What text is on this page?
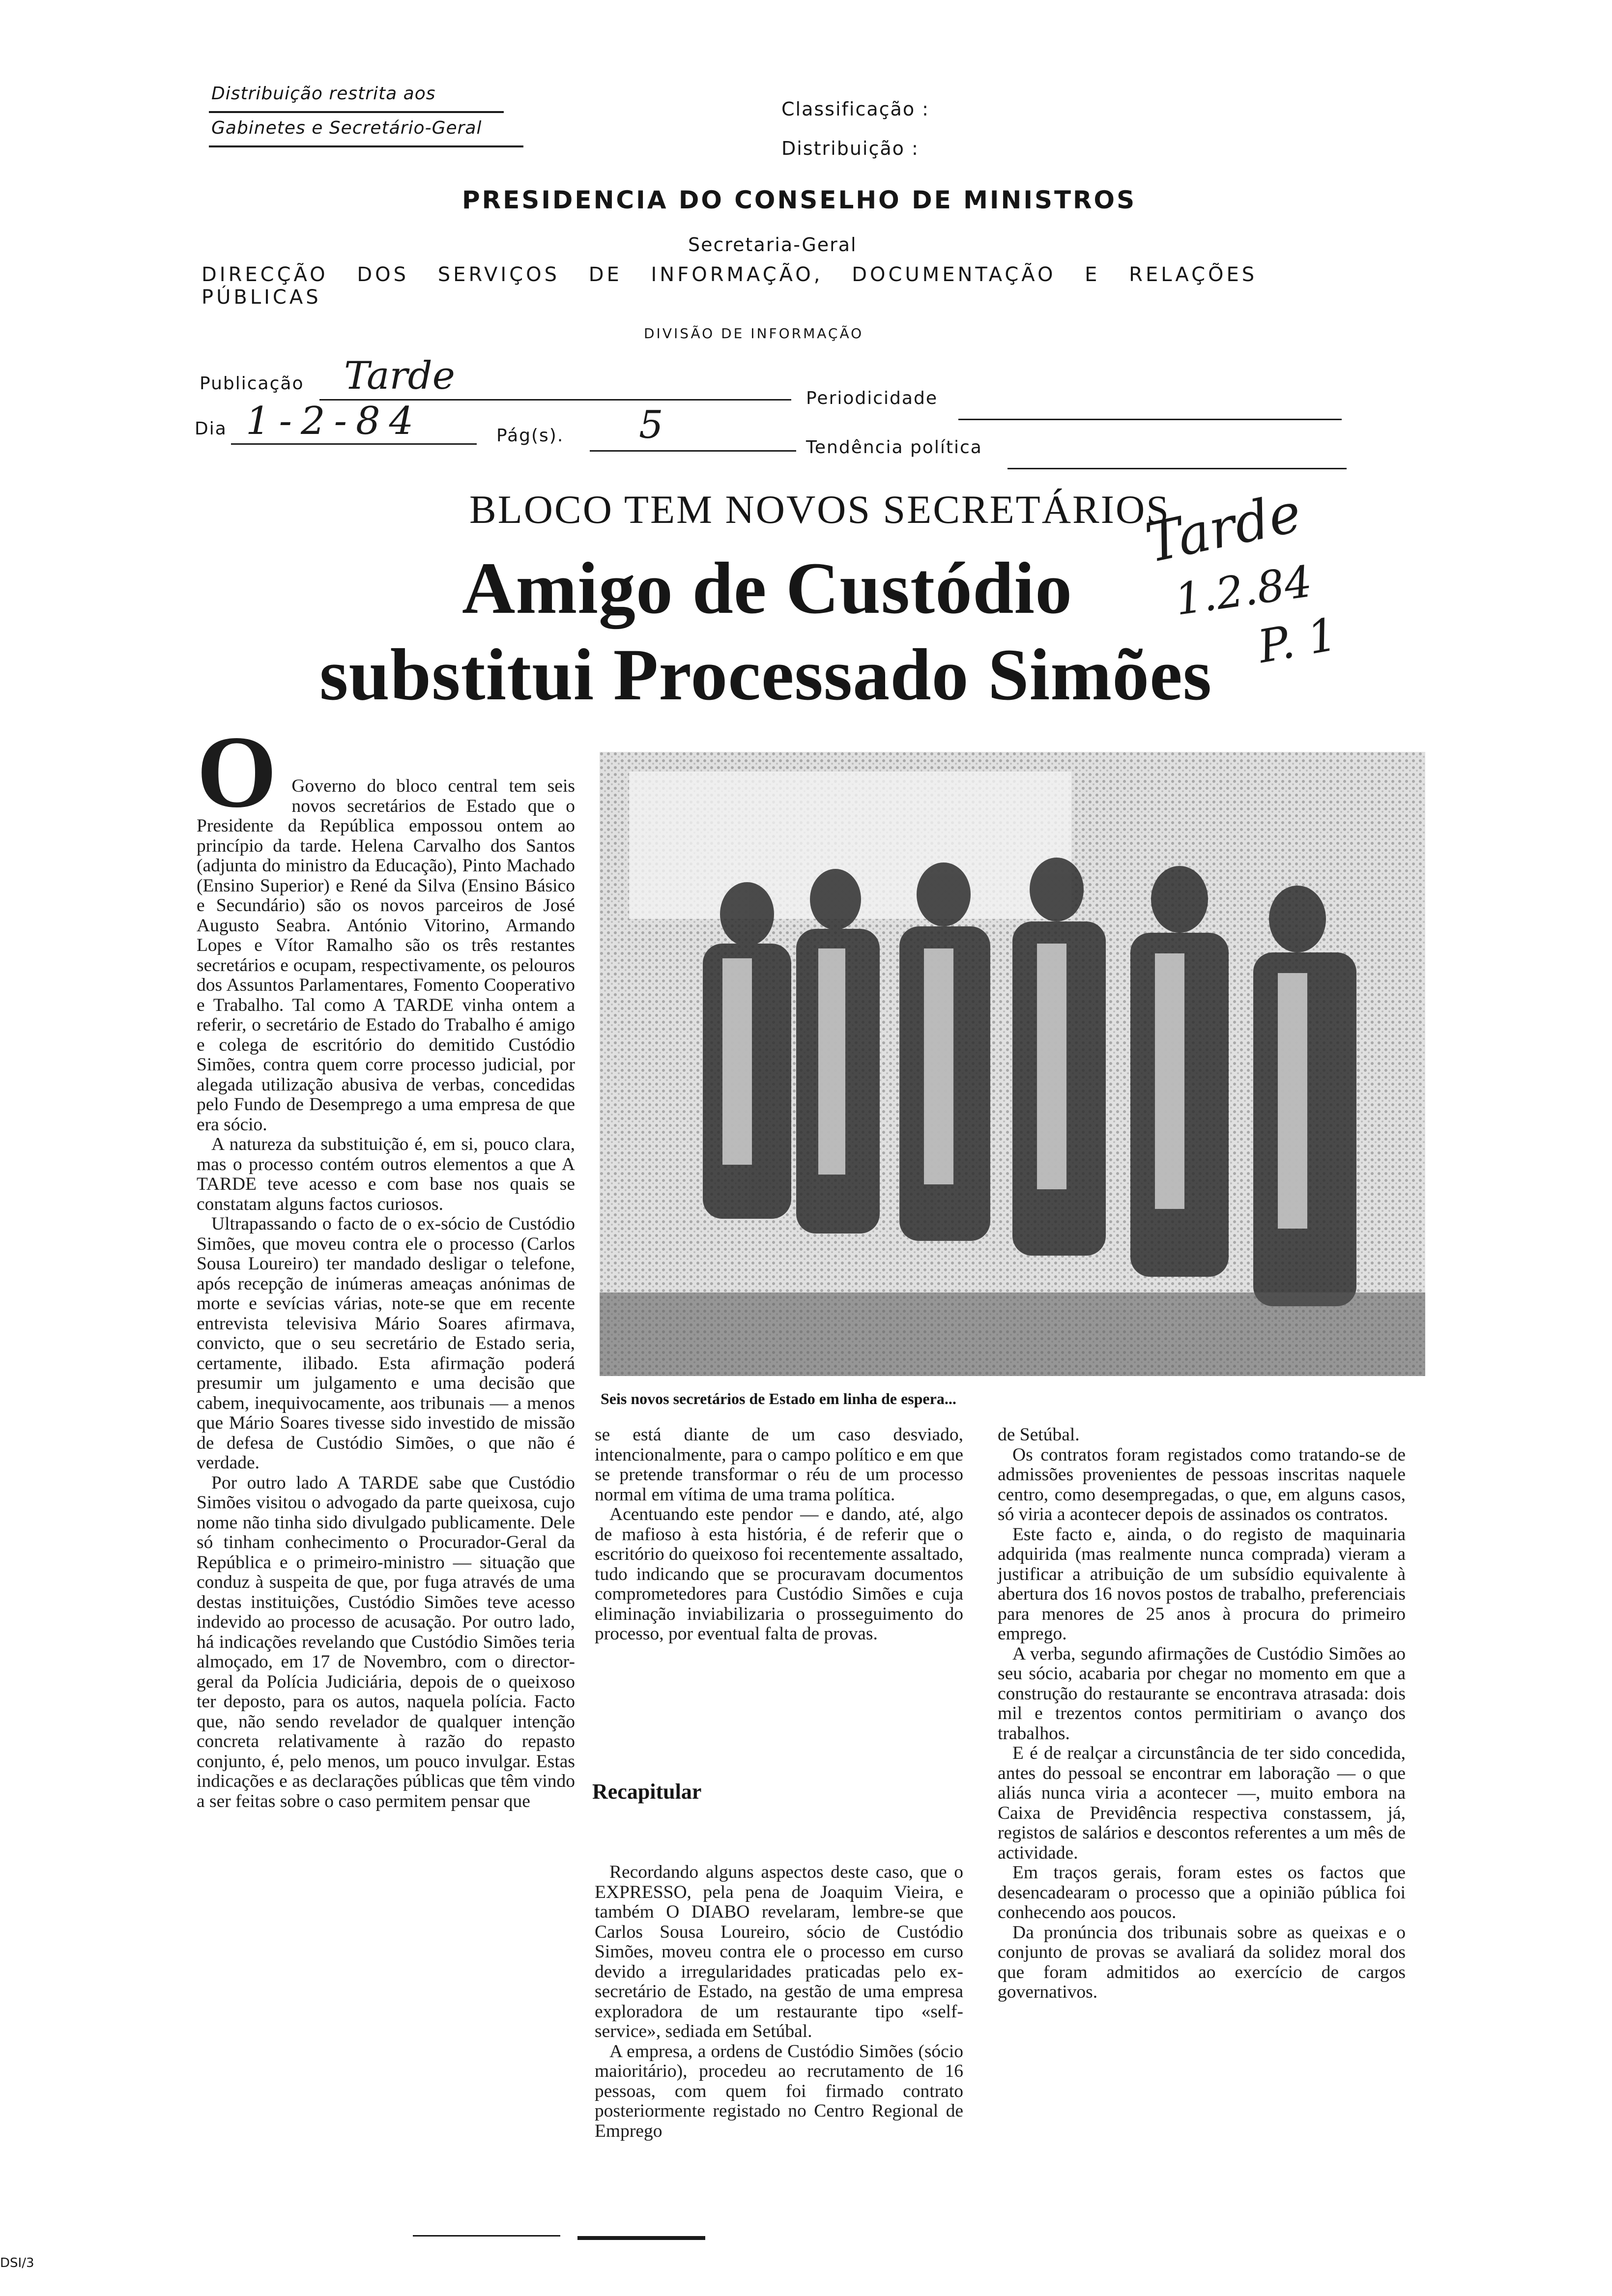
Distribuição restrita aos
Gabinetes e Secretário-Geral
Classificação :
Distribuição :
PRESIDENCIA DO CONSELHO DE MINISTROS
Secretaria-Geral
DIRECÇÃO DOS SERVIÇOS DE INFORMAÇÃO, DOCUMENTAÇÃO E RELAÇÕES PÚBLICAS
DIVISÃO DE INFORMAÇÃO
Publicação Tarde
Periodicidade
Dia 1-2-84	Pág(s). 5
Tendência política
Tarde
1.2.84
P. 1
BLOCO TEM NOVOS SECRETÁRIOS
Amigo de Custódio
substitui Processado Simões
Seis novos secretários de Estado em linha de espera...
O Governo do bloco central tem seis novos secretários de Estado que o Presidente da República empossou ontem ao princípio da tarde. Helena Carvalho dos Santos (adjunta do ministro da Educação), Pinto Machado (Ensino Superior) e René da Silva (Ensino Básico e Secundário) são os novos parceiros de José Augusto Seabra. António Vitorino, Armando Lopes e Vítor Ramalho são os três restantes secretários e ocupam, respectivamente, os pelouros dos Assuntos Parlamentares, Fomento Cooperativo e Trabalho. Tal como A TARDE vinha ontem a referir, o secretário de Estado do Trabalho é amigo e colega de escritório do demitido Custódio Simões, contra quem corre processo judicial, por alegada utilização abusiva de verbas, concedidas pelo Fundo de Desemprego a uma empresa de que era sócio.

A natureza da substituição é, em si, pouco clara, mas o processo contém outros elementos a que A TARDE teve acesso e com base nos quais se constatam alguns factos curiosos.

Ultrapassando o facto de o ex-sócio de Custódio Simões, que moveu contra ele o processo (Carlos Sousa Loureiro) ter mandado desligar o telefone, após recepção de inúmeras ameaças anónimas de morte e sevícias várias, note-se que em recente entrevista televisiva Mário Soares afirmava, convicto, que o seu secretário de Estado seria, certamente, ilibado. Esta afirmação poderá presumir um julgamento e uma decisão que cabem, inequivocamente, aos tribunais — a menos que Mário Soares tivesse sido investido de missão de defesa de Custódio Simões, o que não é verdade.

Por outro lado A TARDE sabe que Custódio Simões visitou o advogado da parte queixosa, cujo nome não tinha sido divulgado publicamente. Dele só tinham conhecimento o Procurador-Geral da República e o primeiro-ministro — situação que conduz à suspeita de que, por fuga através de uma destas instituições, Custódio Simões teve acesso indevido ao processo de acusação. Por outro lado, há indicações revelando que Custódio Simões teria almoçado, em 17 de Novembro, com o director-geral da Polícia Judiciária, depois de o queixoso ter deposto, para os autos, naquela polícia. Facto que, não sendo revelador de qualquer intenção concreta relativamente à razão do repasto conjunto, é, pelo menos, um pouco invulgar. Estas indicações e as declarações públicas que têm vindo a ser feitas sobre o caso permitem pensar que

se está diante de um caso desviado, intencionalmente, para o campo político e em que se pretende transformar o réu de um processo normal em vítima de uma trama política.

Acentuando este pendor — e dando, até, algo de mafioso à esta história, é de referir que o escritório do queixoso foi recentemente assaltado, tudo indicando que se procuravam documentos comprometedores para Custódio Simões e cuja eliminação inviabilizaria o prosseguimento do processo, por eventual falta de provas.

Recapitular

Recordando alguns aspectos deste caso, que o EXPRESSO, pela pena de Joaquim Vieira, e também O DIABO revelaram, lembre-se que Carlos Sousa Loureiro, sócio de Custódio Simões, moveu contra ele o processo em curso devido a irregularidades praticadas pelo ex-secretário de Estado, na gestão de uma empresa exploradora de um restaurante tipo «self-service», sediada em Setúbal.

A empresa, a ordens de Custódio Simões (sócio maioritário), procedeu ao recrutamento de 16 pessoas, com quem foi firmado contrato posteriormente registado no Centro Regional de Emprego

de Setúbal.

Os contratos foram registados como tratando-se de admissões provenientes de pessoas inscritas naquele centro, como desempregadas, o que, em alguns casos, só viria a acontecer depois de assinados os contratos.

Este facto e, ainda, o do registo de maquinaria adquirida (mas realmente nunca comprada) vieram a justificar a atribuição de um subsídio equivalente à abertura dos 16 novos postos de trabalho, preferenciais para menores de 25 anos à procura do primeiro emprego.

A verba, segundo afirmações de Custódio Simões ao seu sócio, acabaria por chegar no momento em que a construção do restaurante se encontrava atrasada: dois mil e trezentos contos permitiriam o avanço dos trabalhos.

E é de realçar a circunstância de ter sido concedida, antes do pessoal se encontrar em laboração — o que aliás nunca viria a acontecer —, muito embora na Caixa de Previdência respectiva constassem, já, registos de salários e descontos referentes a um mês de actividade.

Em traços gerais, foram estes os factos que desencadearam o processo que a opinião pública foi conhecendo aos poucos.

Da pronúncia dos tribunais sobre as queixas e o conjunto de provas se avaliará da solidez moral dos que foram admitidos ao exercício de cargos governativos.

DSI/3
